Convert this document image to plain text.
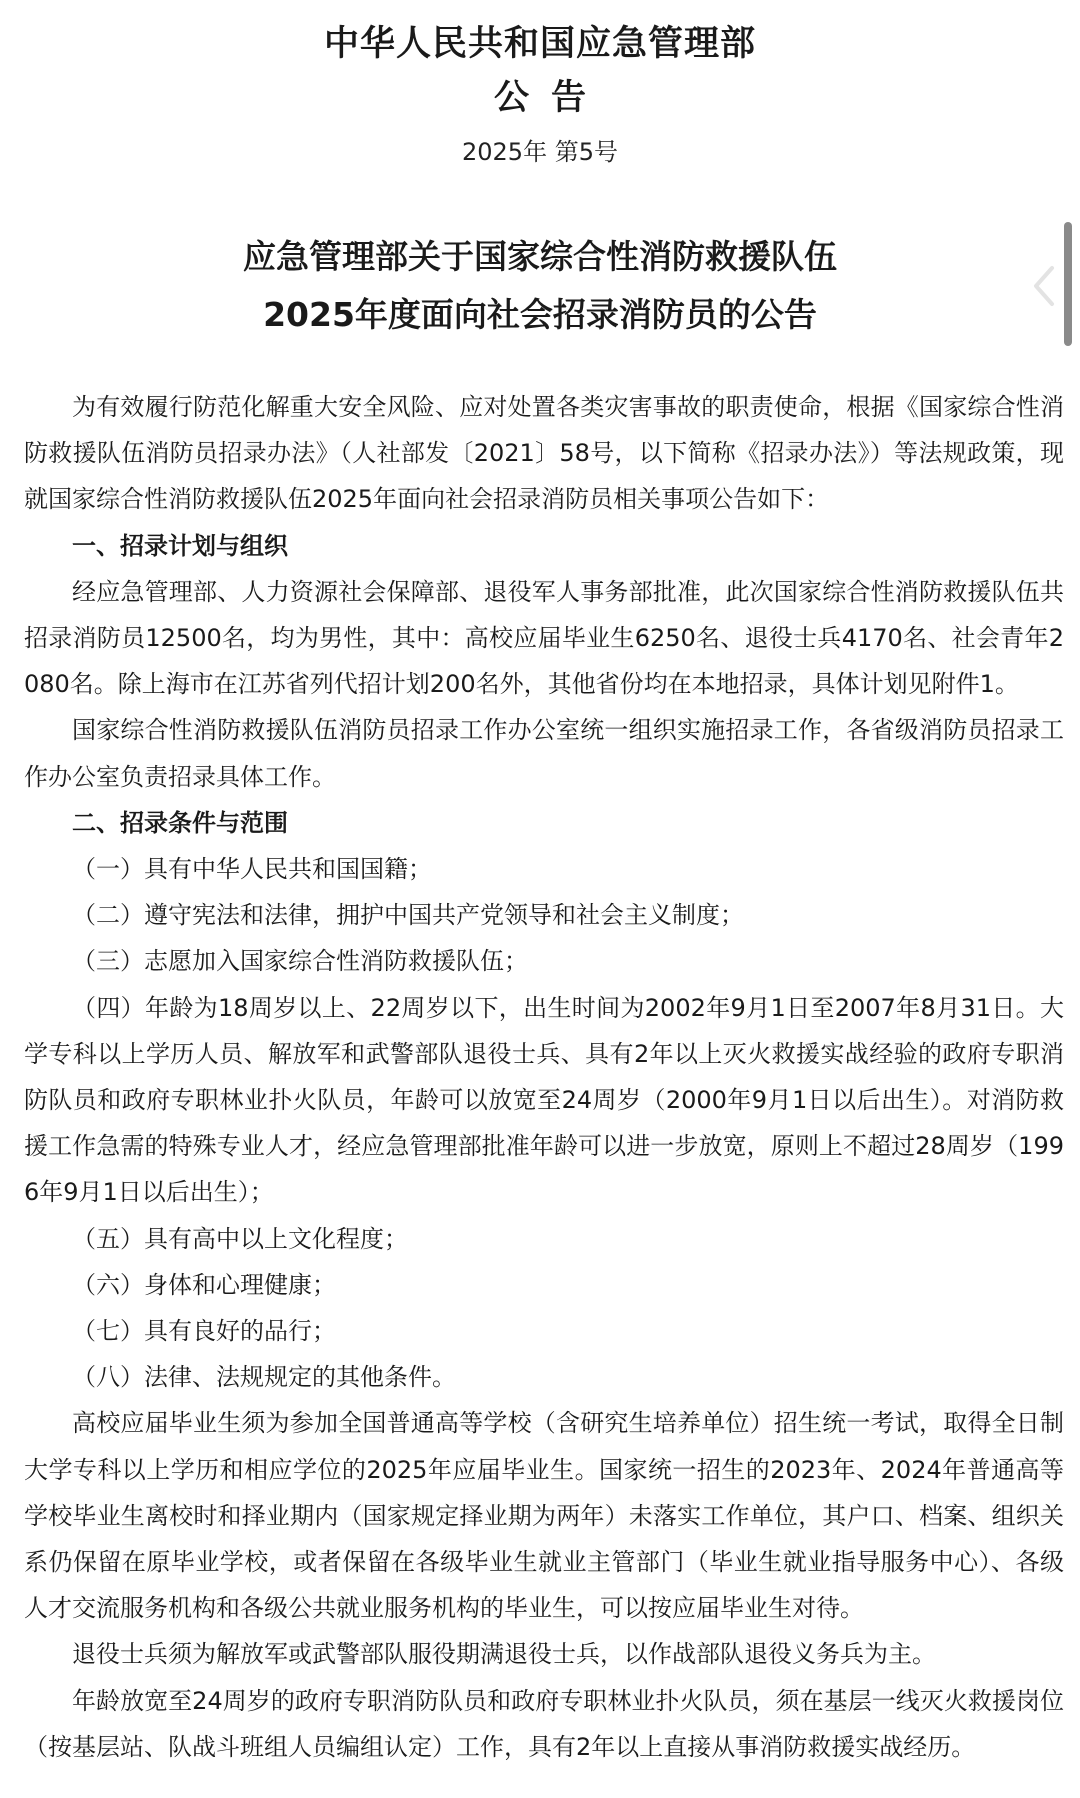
中华人民共和国应急管理部
公告
2025年 第5号
应急管理部关于国家综合性消防救援队伍
2025年度面向社会招录消防员的公告

为有效履行防范化解重大安全风险、应对处置各类灾害事故的职责使命，根据《国家综合性消防救援队伍消防员招录办法》（人社部发〔2021〕58号，以下简称《招录办法》）等法规政策，现就国家综合性消防救援队伍2025年面向社会招录消防员相关事项公告如下：

一、招录计划与组织

经应急管理部、人力资源社会保障部、退役军人事务部批准，此次国家综合性消防救援队伍共招录消防员12500名，均为男性，其中：高校应届毕业生6250名、退役士兵4170名、社会青年2080名。除上海市在江苏省列代招计划200名外，其他省份均在本地招录，具体计划见附件1。

国家综合性消防救援队伍消防员招录工作办公室统一组织实施招录工作，各省级消防员招录工作办公室负责招录具体工作。

二、招录条件与范围

（一）具有中华人民共和国国籍；

（二）遵守宪法和法律，拥护中国共产党领导和社会主义制度；

（三）志愿加入国家综合性消防救援队伍；

（四）年龄为18周岁以上、22周岁以下，出生时间为2002年9月1日至2007年8月31日。大学专科以上学历人员、解放军和武警部队退役士兵、具有2年以上灭火救援实战经验的政府专职消防队员和政府专职林业扑火队员，年龄可以放宽至24周岁（2000年9月1日以后出生）。对消防救援工作急需的特殊专业人才，经应急管理部批准年龄可以进一步放宽，原则上不超过28周岁（1996年9月1日以后出生）；

（五）具有高中以上文化程度；

（六）身体和心理健康；

（七）具有良好的品行；

（八）法律、法规规定的其他条件。

高校应届毕业生须为参加全国普通高等学校（含研究生培养单位）招生统一考试，取得全日制大学专科以上学历和相应学位的2025年应届毕业生。国家统一招生的2023年、2024年普通高等学校毕业生离校时和择业期内（国家规定择业期为两年）未落实工作单位，其户口、档案、组织关系仍保留在原毕业学校，或者保留在各级毕业生就业主管部门（毕业生就业指导服务中心）、各级人才交流服务机构和各级公共就业服务机构的毕业生，可以按应届毕业生对待。

退役士兵须为解放军或武警部队服役期满退役士兵，以作战部队退役义务兵为主。

年龄放宽至24周岁的政府专职消防队员和政府专职林业扑火队员，须在基层一线灭火救援岗位（按基层站、队战斗班组人员编组认定）工作，具有2年以上直接从事消防救援实战经历。
